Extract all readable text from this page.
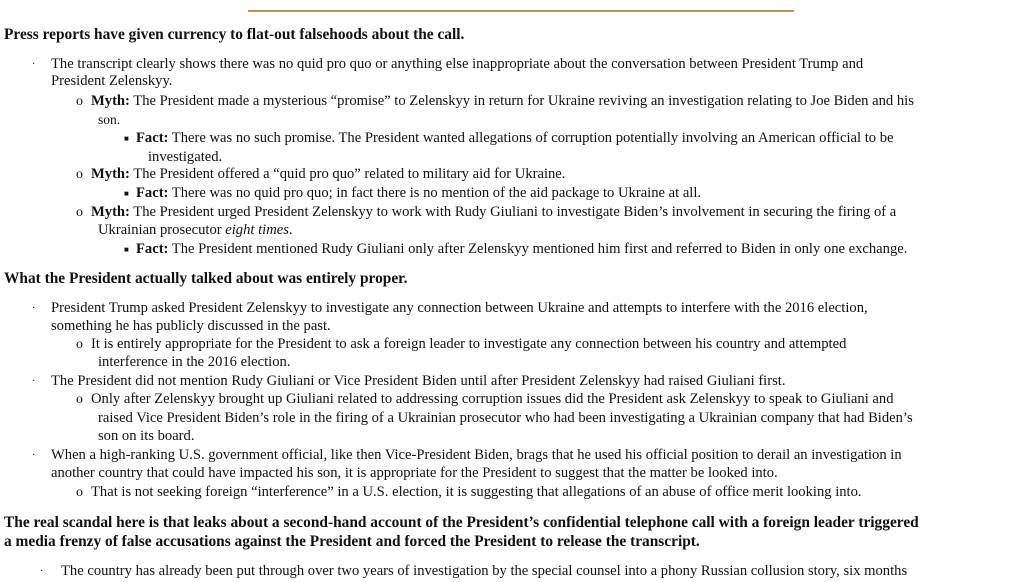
Press reports have given currency to flat-out falsehoods about the call.
· The transcript clearly shows there was no quid pro quo or anything else inappropriate about the conversation between President Trump and
President Zelenskyy.
o Myth: The President made a mysterious “promise” to Zelenskyy in return for Ukraine reviving an investigation relating to Joe Biden and his
son.
■ Fact: There was no such promise. The President wanted allegations of corruption potentially involving an American official to be
investigated.
o Myth: The President offered a “quid pro quo” related to military aid for Ukraine.
■ Fact: There was no quid pro quo; in fact there is no mention of the aid package to Ukraine at all.
o Myth: The President urged President Zelenskyy to work with Rudy Giuliani to investigate Biden’s involvement in securing the firing of a
Ukrainian prosecutor eight times.
■ Fact: The President mentioned Rudy Giuliani only after Zelenskyy mentioned him first and referred to Biden in only one exchange.
What the President actually talked about was entirely proper.
· President Trump asked President Zelenskyy to investigate any connection between Ukraine and attempts to interfere with the 2016 election,
something he has publicly discussed in the past.
o It is entirely appropriate for the President to ask a foreign leader to investigate any connection between his country and attempted
interference in the 2016 election.
· The President did not mention Rudy Giuliani or Vice President Biden until after President Zelenskyy had raised Giuliani first.
o Only after Zelenskyy brought up Giuliani related to addressing corruption issues did the President ask Zelenskyy to speak to Giuliani and
raised Vice President Biden’s role in the firing of a Ukrainian prosecutor who had been investigating a Ukrainian company that had Biden’s
son on its board.
· When a high-ranking U.S. government official, like then Vice-President Biden, brags that he used his official position to derail an investigation in
another country that could have impacted his son, it is appropriate for the President to suggest that the matter be looked into.
o That is not seeking foreign “interference” in a U.S. election, it is suggesting that allegations of an abuse of office merit looking into.
The real scandal here is that leaks about a second-hand account of the President’s confidential telephone call with a foreign leader triggered
a media frenzy of false accusations against the President and forced the President to release the transcript.
· The country has already been put through over two years of investigation by the special counsel into a phony Russian collusion story, six months
